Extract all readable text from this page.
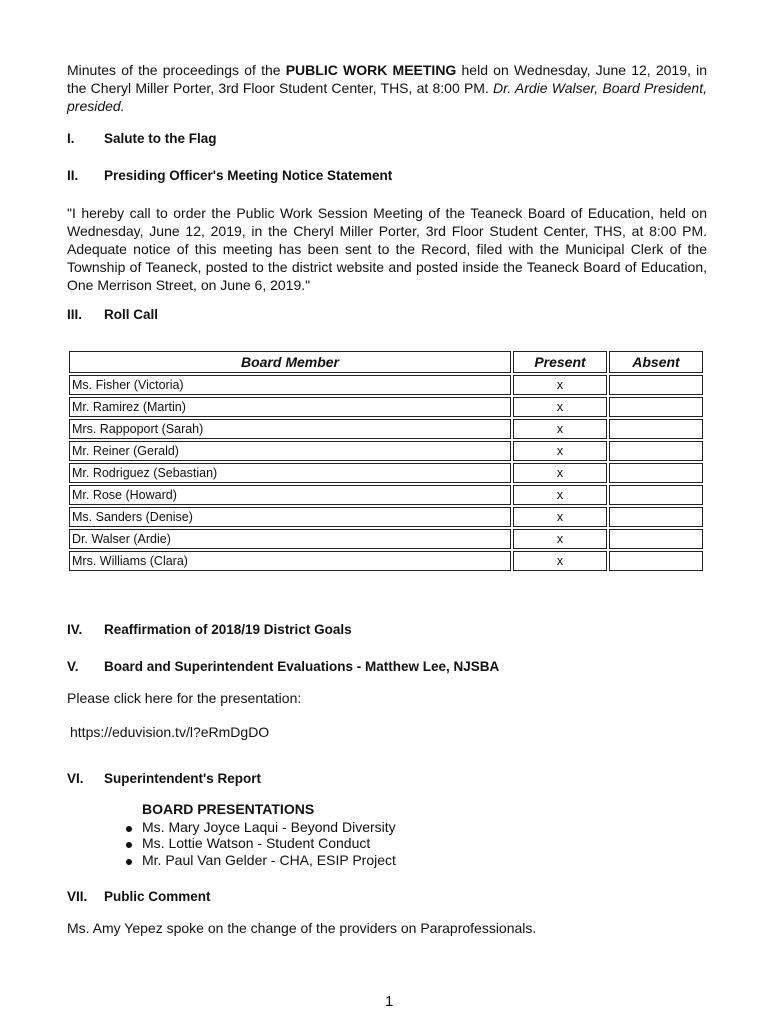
Minutes of the proceedings of the PUBLIC WORK MEETING held on Wednesday, June 12, 2019, in the Cheryl Miller Porter, 3rd Floor Student Center, THS, at 8:00 PM. Dr. Ardie Walser, Board President, presided.
I. Salute to the Flag
II. Presiding Officer's Meeting Notice Statement
"I hereby call to order the Public Work Session Meeting of the Teaneck Board of Education, held on Wednesday, June 12, 2019, in the Cheryl Miller Porter, 3rd Floor Student Center, THS, at 8:00 PM. Adequate notice of this meeting has been sent to the Record, filed with the Municipal Clerk of the Township of Teaneck, posted to the district website and posted inside the Teaneck Board of Education, One Merrison Street, on June 6, 2019."
III. Roll Call
Board Member	Present	Absent
Ms. Fisher (Victoria)	x	
Mr. Ramirez (Martin)	x	
Mrs. Rappoport (Sarah)	x	
Mr. Reiner (Gerald)	x	
Mr. Rodriguez (Sebastian)	x	
Mr. Rose (Howard)	x	
Ms. Sanders (Denise)	x	
Dr. Walser (Ardie)	x	
Mrs. Williams (Clara)	x	
IV. Reaffirmation of 2018/19 District Goals
V. Board and Superintendent Evaluations - Matthew Lee, NJSBA
Please click here for the presentation:
https://eduvision.tv/l?eRmDgDO
VI. Superintendent's Report
BOARD PRESENTATIONS
Ms. Mary Joyce Laqui - Beyond Diversity
Ms. Lottie Watson - Student Conduct
Mr. Paul Van Gelder - CHA, ESIP Project
VII. Public Comment
Ms. Amy Yepez spoke on the change of the providers on Paraprofessionals.
1
